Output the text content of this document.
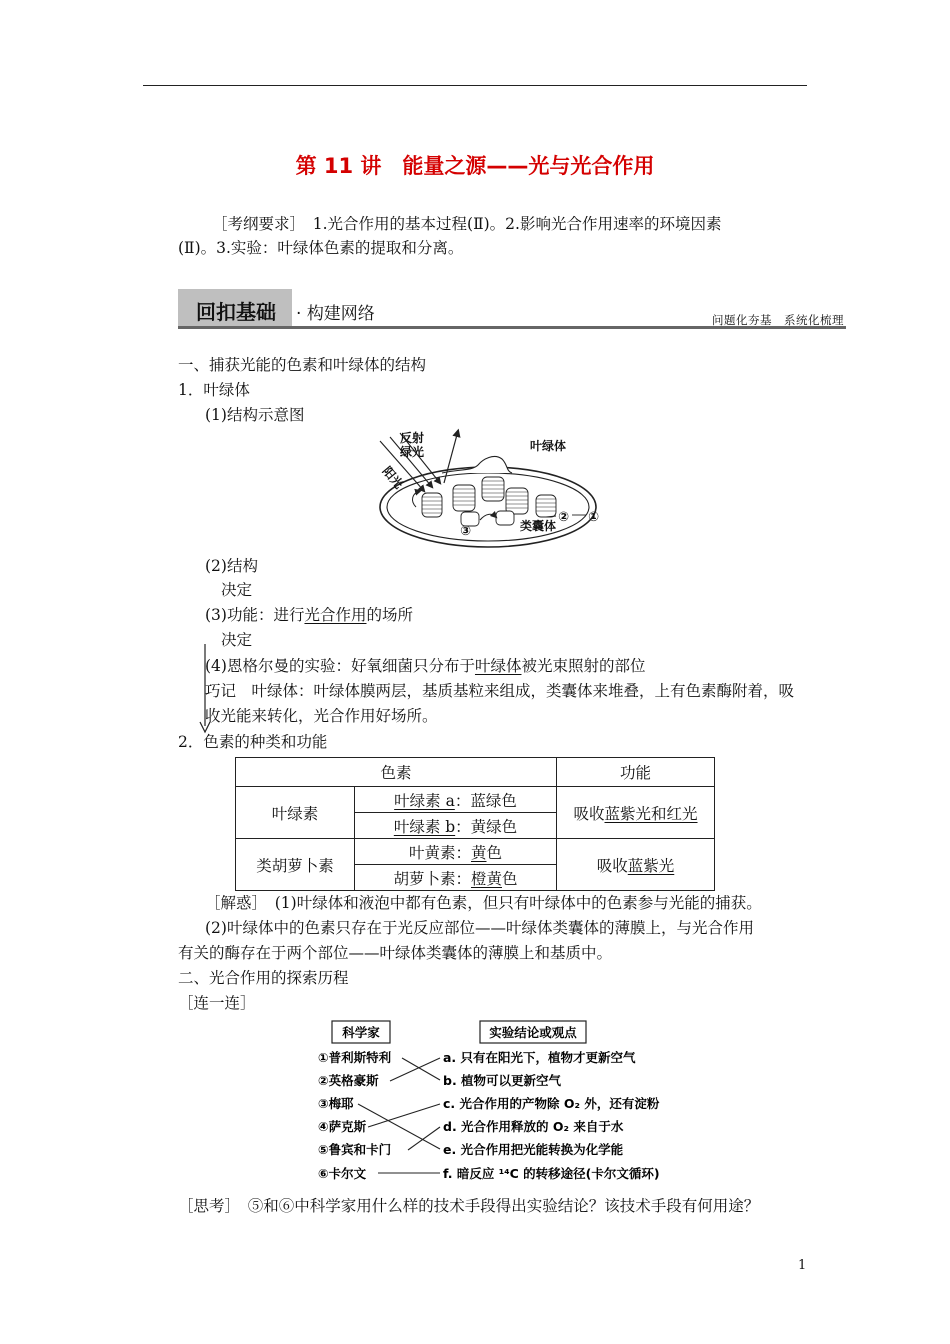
第 11 讲　能量之源——光与光合作用
［考纲要求］　1.光合作用的基本过程(Ⅱ)。2.影响光合作用速率的环境因素
(Ⅱ)。3.实验：叶绿体色素的提取和分离。
回扣基础 · 构建网络	问题化夯基　系统化梳理
一、捕获光能的色素和叶绿体的结构
1．叶绿体
(1)结构示意图
反射
绿光
阳光
叶绿体
类囊体
③
② ①
(2)结构
决定
(3)功能：进行光合作用的场所
决定
(4)恩格尔曼的实验：好氧细菌只分布于叶绿体被光束照射的部位
巧记　叶绿体：叶绿体膜两层，基质基粒来组成，类囊体来堆叠，上有色素酶附着，吸
收光能来转化，光合作用好场所。
2．色素的种类和功能
色素		功能
叶绿素	叶绿素 a：蓝绿色	吸收蓝紫光和红光
	叶绿素 b：黄绿色	
类胡萝卜素	叶黄素：黄色	吸收蓝紫光
	胡萝卜素：橙黄色	
［解惑］　(1)叶绿体和液泡中都有色素，但只有叶绿体中的色素参与光能的捕获。
(2)叶绿体中的色素只存在于光反应部位——叶绿体类囊体的薄膜上，与光合作用
有关的酶存在于两个部位——叶绿体类囊体的薄膜上和基质中。
二、光合作用的探索历程
［连一连］
科学家	实验结论或观点
①普利斯特利
②英格豪斯
③梅耶
④萨克斯
⑤鲁宾和卡门
⑥卡尔文
a. 只有在阳光下，植物才更新空气
b. 植物可以更新空气
c. 光合作用的产物除 O₂ 外，还有淀粉
d. 光合作用释放的 O₂ 来自于水
e. 光合作用把光能转换为化学能
f. 暗反应 ¹⁴C 的转移途径(卡尔文循环)
［思考］　⑤和⑥中科学家用什么样的技术手段得出实验结论？该技术手段有何用途？
1
